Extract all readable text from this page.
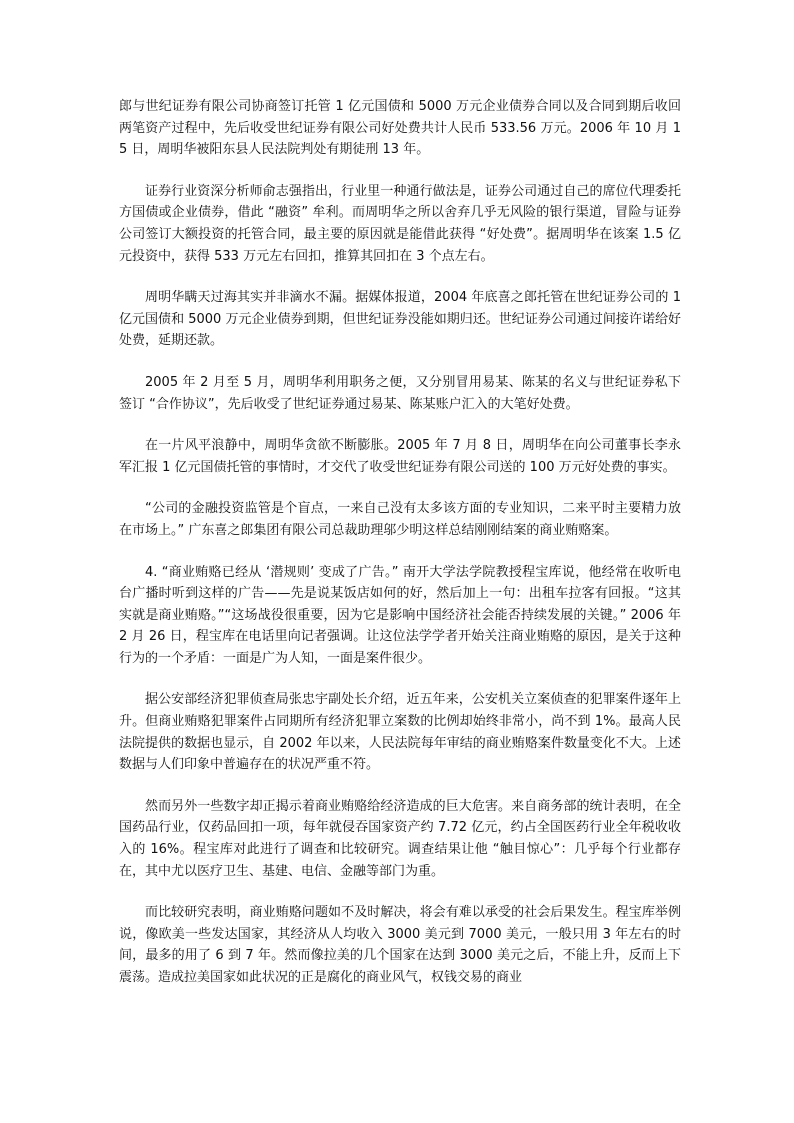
郎与世纪证券有限公司协商签订托管 1 亿元国债和 5000 万元企业债券合同以及合同到期后收回两笔资产过程中，先后收受世纪证券有限公司好处费共计人民币 533.56 万元。2006 年 10 月 15 日，周明华被阳东县人民法院判处有期徒刑 13 年。

证券行业资深分析师俞志强指出，行业里一种通行做法是，证券公司通过自己的席位代理委托方国债或企业债券，借此 “融资” 牟利。而周明华之所以舍弃几乎无风险的银行渠道，冒险与证券公司签订大额投资的托管合同，最主要的原因就是能借此获得 “好处费”。据周明华在该案 1.5 亿元投资中，获得 533 万元左右回扣，推算其回扣在 3 个点左右。

周明华瞒天过海其实并非滴水不漏。据媒体报道，2004 年底喜之郎托管在世纪证券公司的 1 亿元国债和 5000 万元企业债券到期，但世纪证券没能如期归还。世纪证券公司通过间接许诺给好处费，延期还款。

2005 年 2 月至 5 月，周明华利用职务之便，又分别冒用易某、陈某的名义与世纪证券私下签订 “合作协议”，先后收受了世纪证券通过易某、陈某账户汇入的大笔好处费。

在一片风平浪静中，周明华贪欲不断膨胀。2005 年 7 月 8 日，周明华在向公司董事长李永军汇报 1 亿元国债托管的事情时，才交代了收受世纪证券有限公司送的 100 万元好处费的事实。

“公司的金融投资监管是个盲点，一来自己没有太多该方面的专业知识，二来平时主要精力放在市场上。” 广东喜之郎集团有限公司总裁助理邬少明这样总结刚刚结案的商业贿赂案。

4. “商业贿赂已经从 ‘潜规则’ 变成了广告。” 南开大学法学院教授程宝库说，他经常在收听电台广播时听到这样的广告——先是说某饭店如何的好，然后加上一句：出租车拉客有回报。“这其实就是商业贿赂。”“这场战役很重要，因为它是影响中国经济社会能否持续发展的关键。” 2006 年 2 月 26 日，程宝库在电话里向记者强调。让这位法学学者开始关注商业贿赂的原因，是关于这种行为的一个矛盾：一面是广为人知，一面是案件很少。

据公安部经济犯罪侦查局张忠宇副处长介绍，近五年来，公安机关立案侦查的犯罪案件逐年上升。但商业贿赂犯罪案件占同期所有经济犯罪立案数的比例却始终非常小，尚不到 1%。最高人民法院提供的数据也显示，自 2002 年以来，人民法院每年审结的商业贿赂案件数量变化不大。上述数据与人们印象中普遍存在的状况严重不符。

然而另外一些数字却正揭示着商业贿赂给经济造成的巨大危害。来自商务部的统计表明，在全国药品行业，仅药品回扣一项，每年就侵吞国家资产约 7.72 亿元，约占全国医药行业全年税收收入的 16%。程宝库对此进行了调查和比较研究。调查结果让他 “触目惊心”：几乎每个行业都存在，其中尤以医疗卫生、基建、电信、金融等部门为重。

而比较研究表明，商业贿赂问题如不及时解决，将会有难以承受的社会后果发生。程宝库举例说，像欧美一些发达国家，其经济从人均收入 3000 美元到 7000 美元，一般只用 3 年左右的时间，最多的用了 6 到 7 年。然而像拉美的几个国家在达到 3000 美元之后，不能上升，反而上下震荡。造成拉美国家如此状况的正是腐化的商业风气，权钱交易的商业
